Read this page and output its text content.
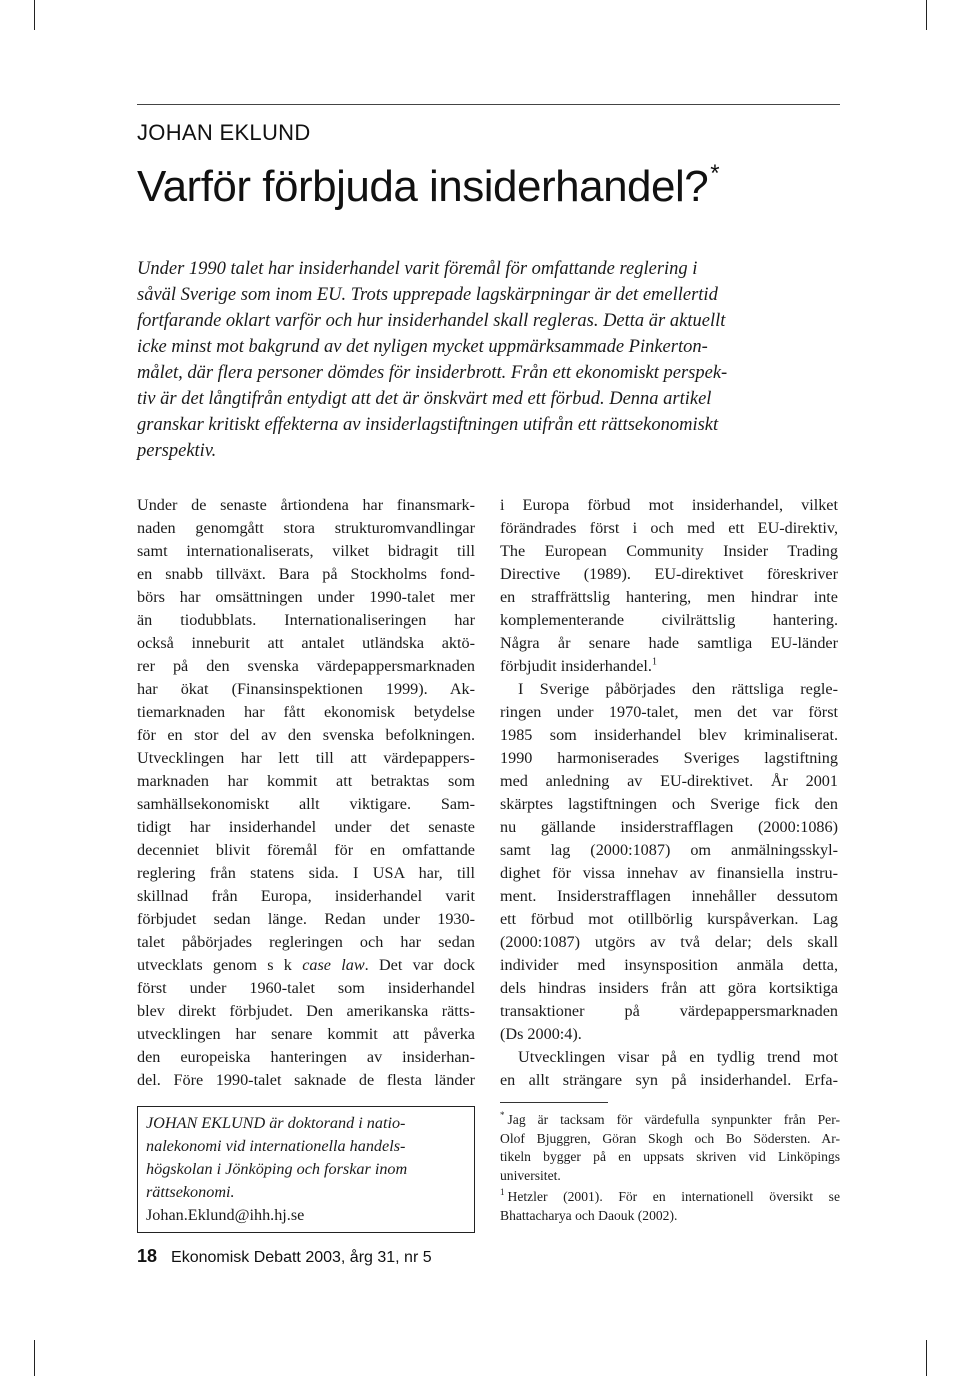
JOHAN EKLUND
Varför förbjuda insiderhandel?*
Under 1990 talet har insiderhandel varit föremål för omfattande reglering i
såväl Sverige som inom EU. Trots upprepade lagskärpningar är det emellertid
fortfarande oklart varför och hur insiderhandel skall regleras. Detta är aktuellt
icke minst mot bakgrund av det nyligen mycket uppmärksammade Pinkerton-
målet, där flera personer dömdes för insiderbrott. Från ett ekonomiskt perspek-
tiv är det långtifrån entydigt att det är önskvärt med ett förbud. Denna artikel
granskar kritiskt effekterna av insiderlagstiftningen utifrån ett rättsekonomiskt
perspektiv.
Under de senaste årtiondena har finansmark-
naden genomgått stora strukturomvandlingar
samt internationaliserats, vilket bidragit till
en snabb tillväxt. Bara på Stockholms fond-
börs har omsättningen under 1990-talet mer
än tiodubblats. Internationaliseringen har
också inneburit att antalet utländska aktö-
rer på den svenska värdepappersmarknaden
har ökat (Finansinspektionen 1999). Ak-
tiemarknaden har fått ekonomisk betydelse
för en stor del av den svenska befolkningen.
Utvecklingen har lett till att värdepappers-
marknaden har kommit att betraktas som
samhällsekonomiskt allt viktigare. Sam-
tidigt har insiderhandel under det senaste
decenniet blivit föremål för en omfattande
reglering från statens sida. I USA har, till
skillnad från Europa, insiderhandel varit
förbjudet sedan länge. Redan under 1930-
talet påbörjades regleringen och har sedan
utvecklats genom s k case law. Det var dock
först under 1960-talet som insiderhandel
blev direkt förbjudet. Den amerikanska rätts-
utvecklingen har senare kommit att påverka
den europeiska hanteringen av insiderhan-
del. Före 1990-talet saknade de flesta länder
i Europa förbud mot insiderhandel, vilket
förändrades först i och med ett EU-direktiv,
The European Community Insider Trading
Directive (1989). EU-direktivet föreskriver
en straffrättslig hantering, men hindrar inte
komplementerande civilrättslig hantering.
Några år senare hade samtliga EU-länder
förbjudit insiderhandel.$^1$
I Sverige påbörjades den rättsliga regle-
ringen under 1970-talet, men det var först
1985 som insiderhandel blev kriminaliserat.
1990 harmoniserades Sveriges lagstiftning
med anledning av EU-direktivet. År 2001
skärptes lagstiftningen och Sverige fick den
nu gällande insiderstrafflagen (2000:1086)
samt lag (2000:1087) om anmälningsskyl-
dighet för vissa innehav av finansiella instru-
ment. Insiderstrafflagen innehåller dessutom
ett förbud mot otillbörlig kurspåverkan. Lag
(2000:1087) utgörs av två delar; dels skall
individer med insynsposition anmäla detta,
dels hindras insiders från att göra kortsiktiga
transaktioner på värdepappersmarknaden
(Ds 2000:4).
Utvecklingen visar på en tydlig trend mot
en allt strängare syn på insiderhandel. Erfa-
JOHAN EKLUND är doktorand i natio-
nalekonomi vid internationella handels-
högskolan i Jönköping och forskar inom
rättsekonomi.
Johan.Eklund@ihh.hj.se
* Jag är tacksam för värdefulla synpunkter från Per-
Olof Bjuggren, Göran Skogh och Bo Södersten. Ar-
tikeln bygger på en uppsats skriven vid Linköpings
universitet.
$^1$ Hetzler (2001). För en internationell översikt se
Bhattacharya och Daouk (2002).
18 Ekonomisk Debatt 2003, årg 31, nr 5
